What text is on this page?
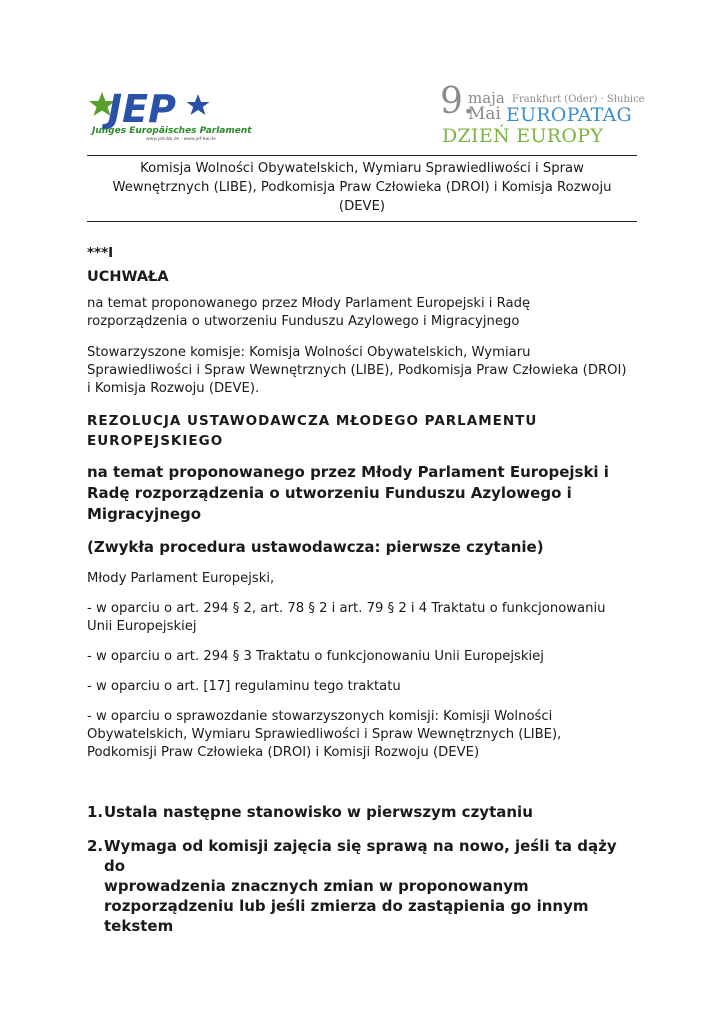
JEP
Junges Europäisches Parlament
www.jeb-bb.de · www.jef-bw.de
9.
maja Frankfurt (Oder) · Słubice
Mai EUROPATAG
DZIEŃ EUROPY

Komisja Wolności Obywatelskich, Wymiaru Sprawiedliwości i Spraw

Wewnętrznych (LIBE), Podkomisja Praw Człowieka (DROI) i Komisja Rozwoju

(DEVE)

***I

UCHWAŁA

na temat proponowanego przez Młody Parlament Europejski i Radę

rozporządzenia o utworzeniu Funduszu Azylowego i Migracyjnego

Stowarzyszone komisje: Komisja Wolności Obywatelskich, Wymiaru

Sprawiedliwości i Spraw Wewnętrznych (LIBE), Podkomisja Praw Człowieka (DROI)

i Komisja Rozwoju (DEVE).

REZOLUCJA USTAWODAWCZA MŁODEGO PARLAMENTU

EUROPEJSKIEGO

na temat proponowanego przez Młody Parlament Europejski i

Radę rozporządzenia o utworzeniu Funduszu Azylowego i

Migracyjnego

(Zwykła procedura ustawodawcza: pierwsze czytanie)

Młody Parlament Europejski,

- w oparciu o art. 294 § 2, art. 78 § 2 i art. 79 § 2 i 4 Traktatu o funkcjonowaniu

Unii Europejskiej

- w oparciu o art. 294 § 3 Traktatu o funkcjonowaniu Unii Europejskiej

- w oparciu o art. [17] regulaminu tego traktatu

- w oparciu o sprawozdanie stowarzyszonych komisji: Komisji Wolności

Obywatelskich, Wymiaru Sprawiedliwości i Spraw Wewnętrznych (LIBE),

Podkomisji Praw Człowieka (DROI) i Komisji Rozwoju (DEVE)

1. Ustala następne stanowisko w pierwszym czytaniu
2. Wymaga od komisji zajęcia się sprawą na nowo, jeśli ta dąży do
wprowadzenia znacznych zmian w proponowanym
rozporządzeniu lub jeśli zmierza do zastąpienia go innym
tekstem
